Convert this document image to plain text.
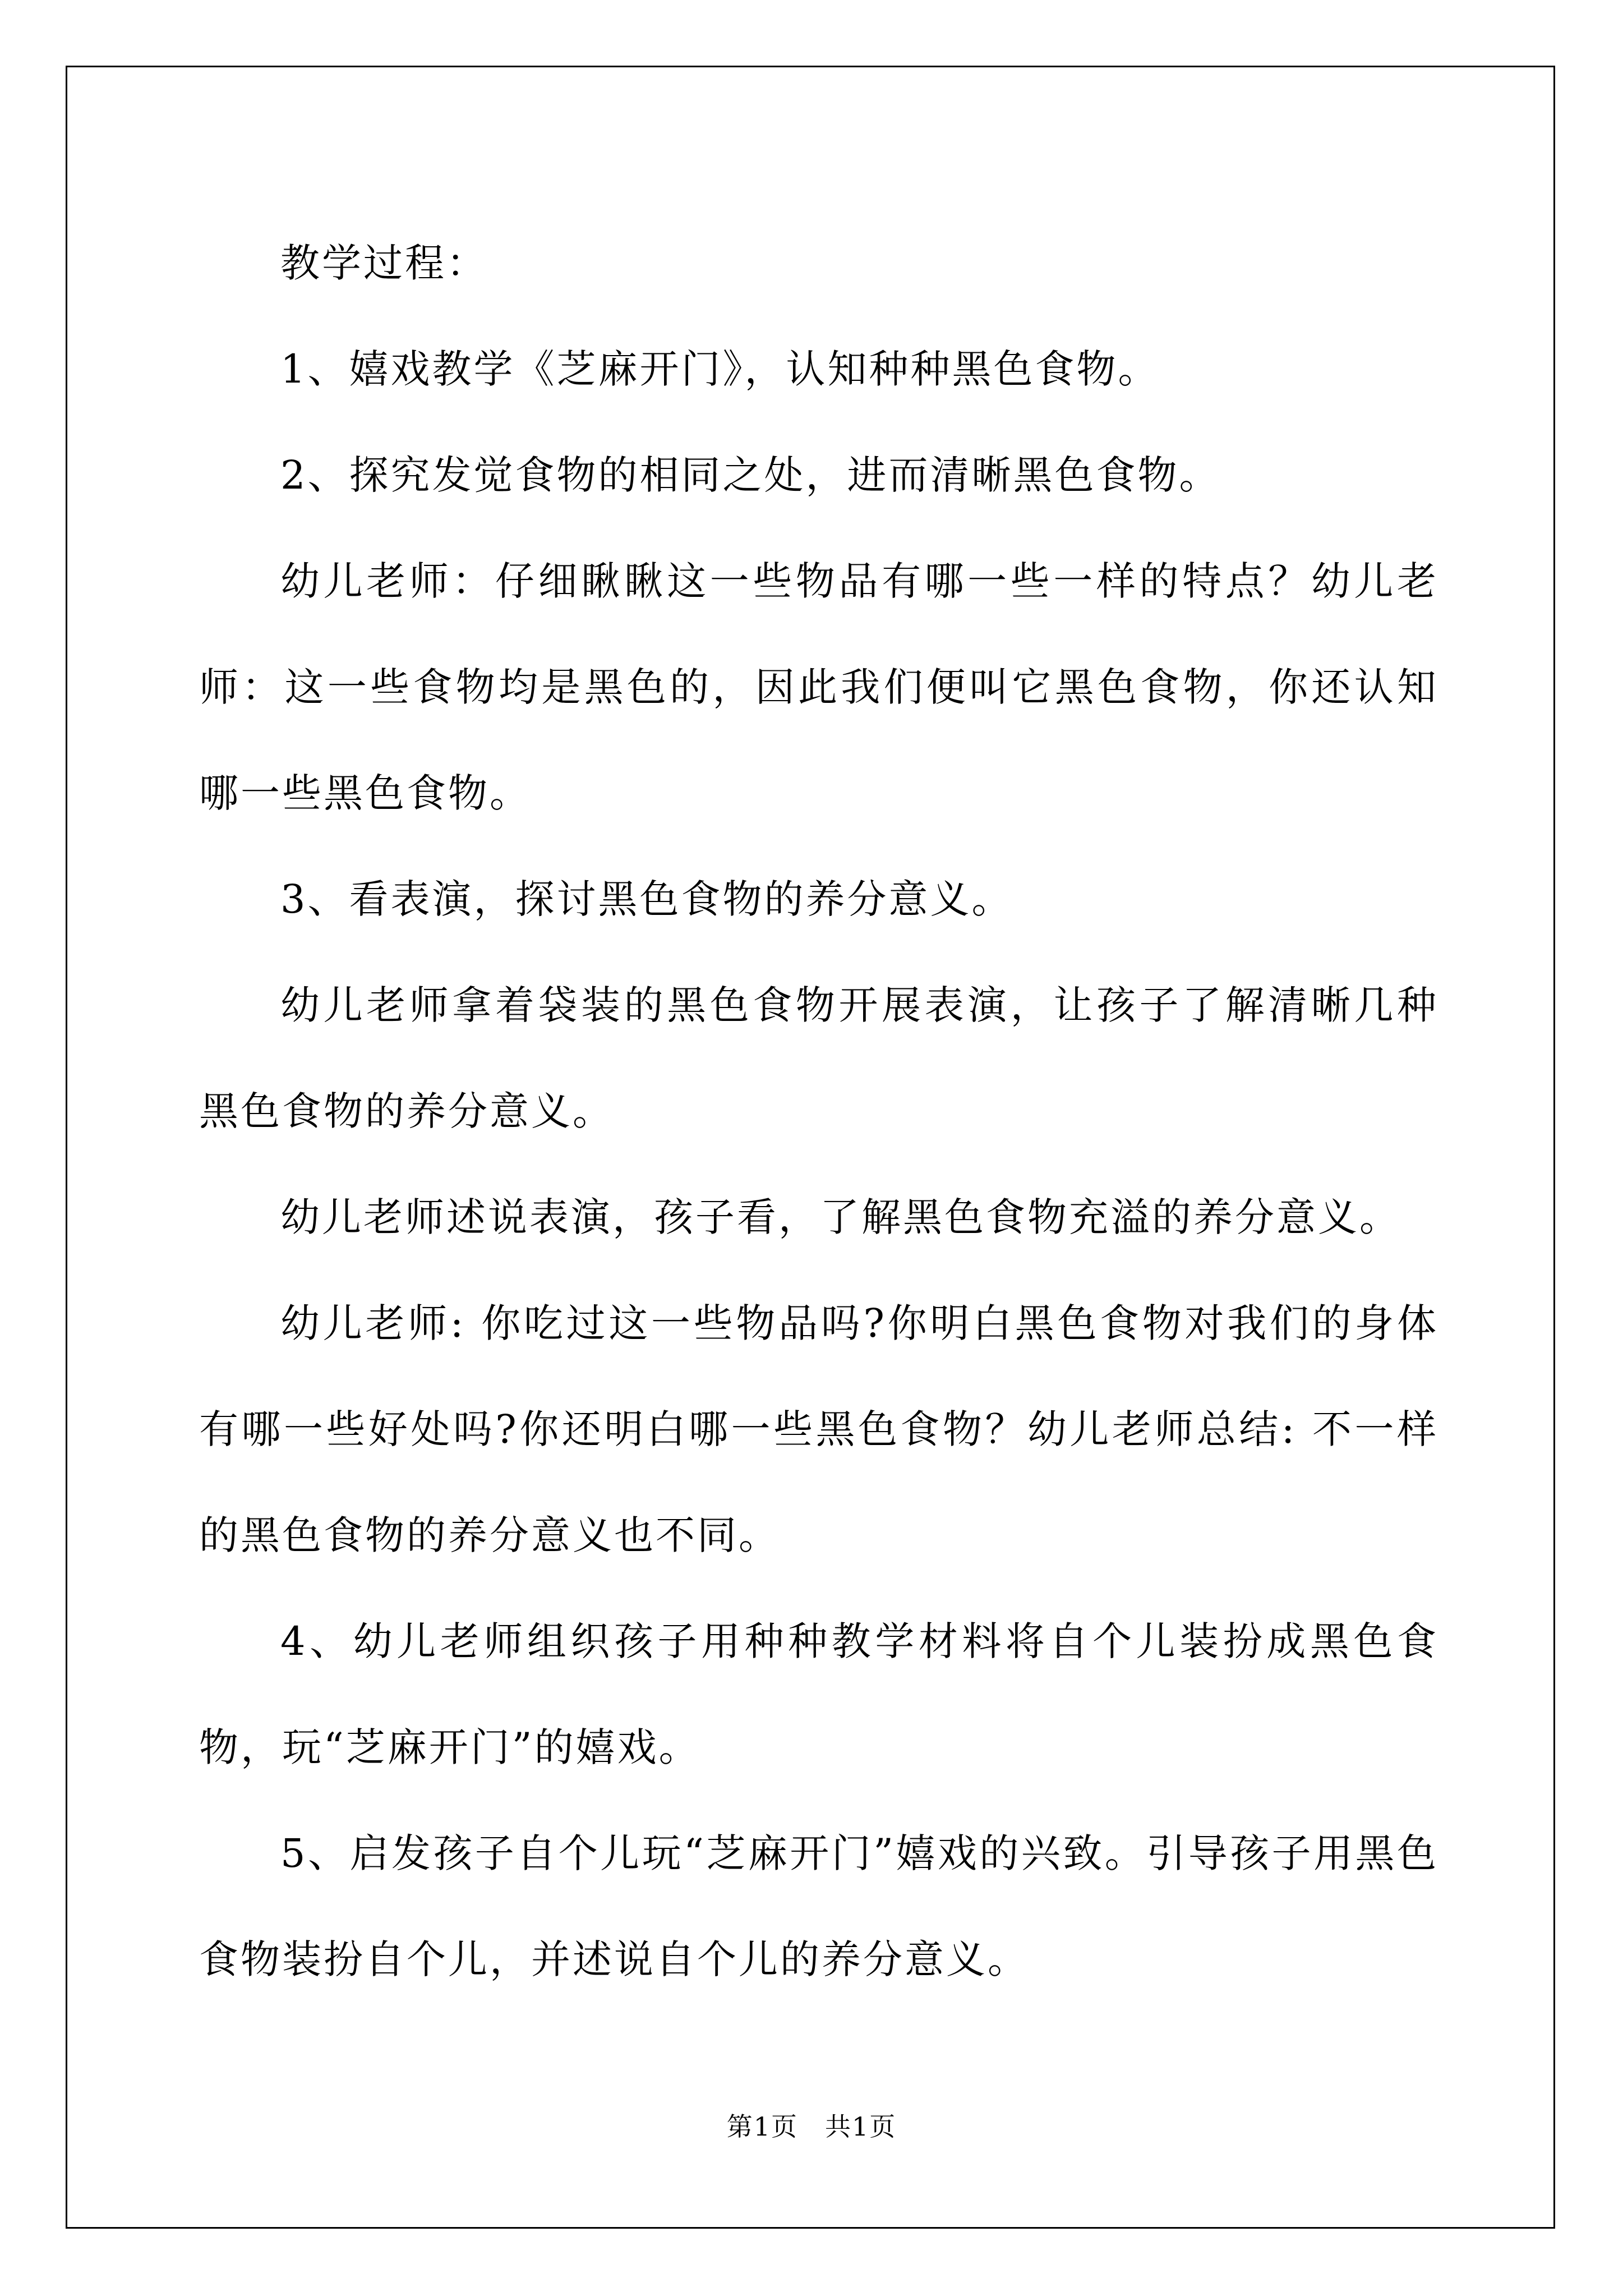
教学过程：

1、嬉戏教学《芝麻开门》，认知种种黑色食物。

2、探究发觉食物的相同之处，进而清晰黑色食物。

幼儿老师：仔细瞅瞅这一些物品有哪一些一样的特点？幼儿老师：这一些食物均是黑色的，因此我们便叫它黑色食物，你还认知哪一些黑色食物。

3、看表演，探讨黑色食物的养分意义。

幼儿老师拿着袋装的黑色食物开展表演，让孩子了解清晰几种黑色食物的养分意义。

幼儿老师述说表演，孩子看，了解黑色食物充溢的养分意义。

幼儿老师: 你吃过这一些物品吗?你明白黑色食物对我们的身体有哪一些好处吗?你还明白哪一些黑色食物？幼儿老师总结: 不一样的黑色食物的养分意义也不同。

4、幼儿老师组织孩子用种种教学材料将自个儿装扮成黑色食物，玩“芝麻开门”的嬉戏。

5、启发孩子自个儿玩“芝麻开门”嬉戏的兴致。引导孩子用黑色食物装扮自个儿，并述说自个儿的养分意义。

第1页　共1页
